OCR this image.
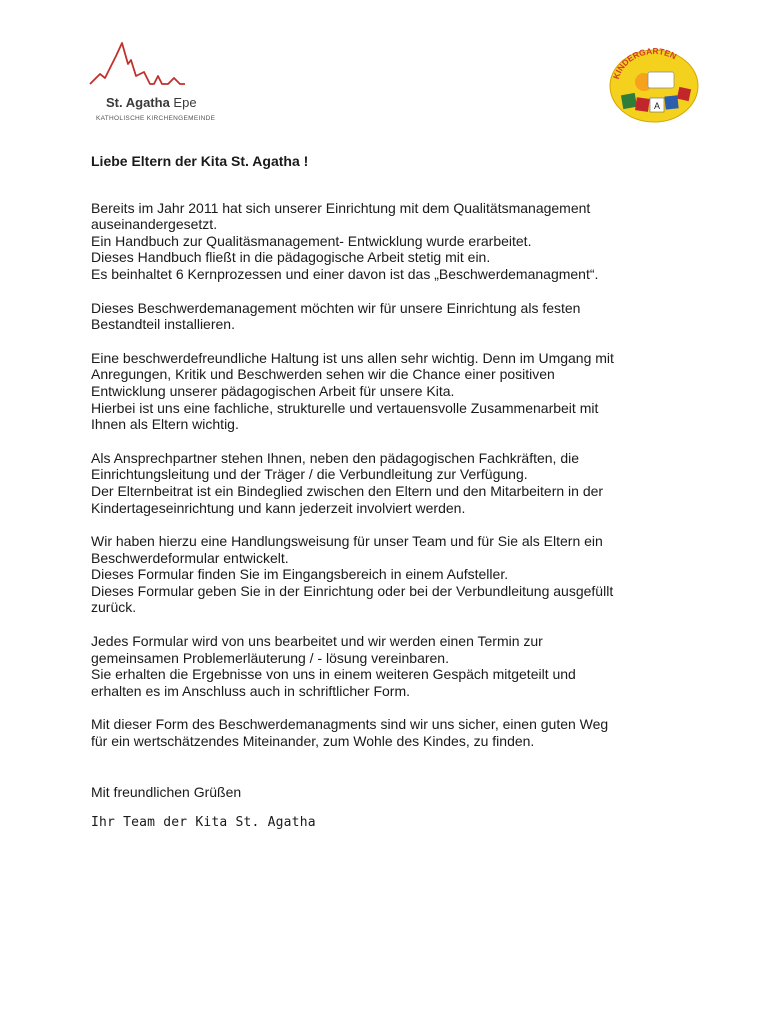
St. Agatha Epe
KATHOLISCHE KIRCHENGEMEINDE
KINDERGARTEN
A

Liebe Eltern der Kita St. Agatha !

Bereits im Jahr 2011 hat sich unserer Einrichtung mit dem Qualitätsmanagement
auseinandergesetzt.
Ein Handbuch zur Qualitäsmanagement- Entwicklung wurde erarbeitet.
Dieses Handbuch fließt in die pädagogische Arbeit stetig mit ein.
Es beinhaltet 6 Kernprozessen und einer davon ist das „Beschwerdemanagment“.

Dieses Beschwerdemanagement möchten wir für unsere Einrichtung als festen
Bestandteil installieren.

Eine beschwerdefreundliche Haltung ist uns allen sehr wichtig. Denn im Umgang mit
Anregungen, Kritik und Beschwerden sehen wir die Chance einer positiven
Entwicklung unserer pädagogischen Arbeit für unsere Kita.
Hierbei ist uns eine fachliche, strukturelle und vertauensvolle Zusammenarbeit mit
Ihnen als Eltern wichtig.

Als Ansprechpartner stehen Ihnen, neben den pädagogischen Fachkräften, die
Einrichtungsleitung und der Träger / die Verbundleitung zur Verfügung.
Der Elternbeitrat ist ein Bindeglied zwischen den Eltern und den Mitarbeitern in der
Kindertageseinrichtung und kann jederzeit involviert werden.

Wir haben hierzu eine Handlungsweisung für unser Team und für Sie als Eltern ein
Beschwerdeformular entwickelt.
Dieses Formular finden Sie im Eingangsbereich in einem Aufsteller.
Dieses Formular geben Sie in der Einrichtung oder bei der Verbundleitung ausgefüllt
zurück.

Jedes Formular wird von uns bearbeitet und wir werden einen Termin zur
gemeinsamen Problemerläuterung / - lösung vereinbaren.
Sie erhalten die Ergebnisse von uns in einem weiteren Gespäch mitgeteilt und
erhalten es im Anschluss auch in schriftlicher Form.

Mit dieser Form des Beschwerdemanagments sind wir uns sicher, einen guten Weg
für ein wertschätzendes Miteinander, zum Wohle des Kindes, zu finden.

Mit freundlichen Grüßen

Ihr Team der Kita St. Agatha
